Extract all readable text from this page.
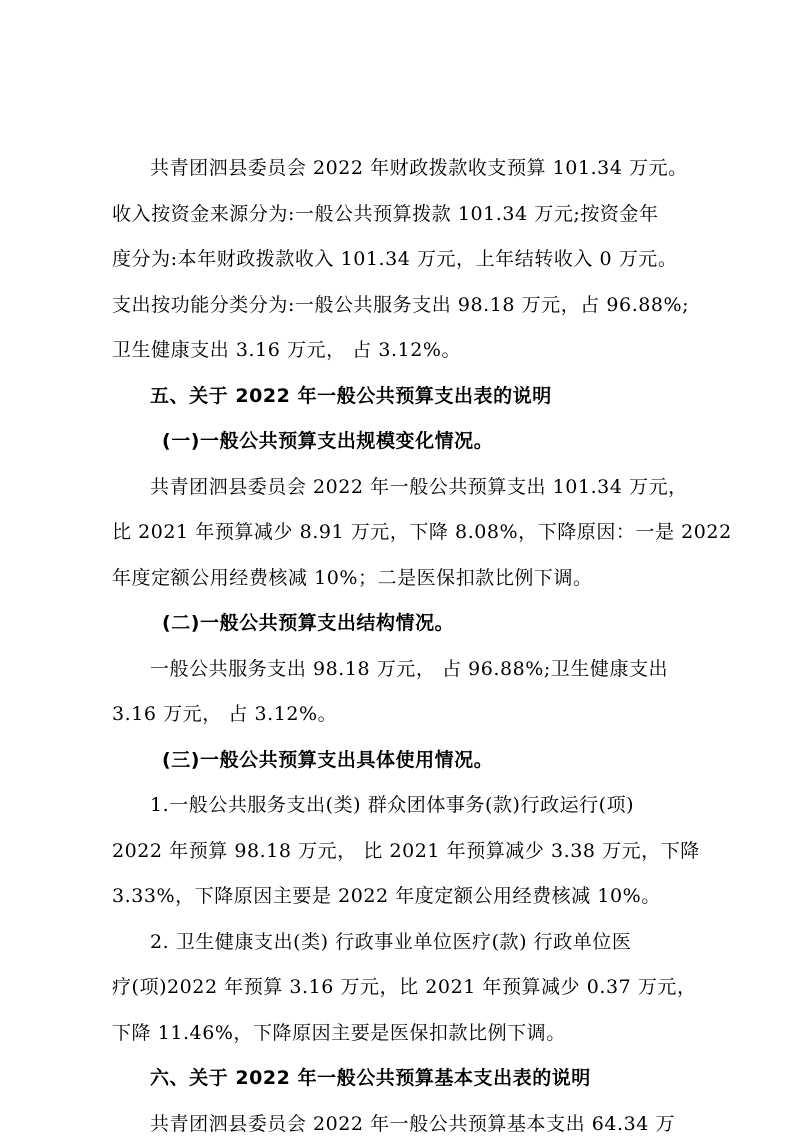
共青团泗县委员会 2022 年财政拨款收支预算 101.34 万元。
收入按资金来源分为:一般公共预算拨款 101.34 万元;按资金年
度分为:本年财政拨款收入 101.34 万元，上年结转收入 0 万元。
支出按功能分类分为:一般公共服务支出 98.18 万元，占 96.88%;
卫生健康支出 3.16 万元， 占 3.12%。
五、关于 2022 年一般公共预算支出表的说明
(一)一般公共预算支出规模变化情况。
共青团泗县委员会 2022 年一般公共预算支出 101.34 万元，
比 2021 年预算减少 8.91 万元，下降 8.08%，下降原因：一是 2022
年度定额公用经费核减 10%；二是医保扣款比例下调。
(二)一般公共预算支出结构情况。
一般公共服务支出 98.18 万元， 占 96.88%;卫生健康支出
3.16 万元， 占 3.12%。
(三)一般公共预算支出具体使用情况。
1.一般公共服务支出(类) 群众团体事务(款)行政运行(项)
2022 年预算 98.18 万元， 比 2021 年预算减少 3.38 万元，下降
3.33%，下降原因主要是 2022 年度定额公用经费核减 10%。
2. 卫生健康支出(类) 行政事业单位医疗(款) 行政单位医
疗(项)2022 年预算 3.16 万元，比 2021 年预算减少 0.37 万元，
下降 11.46%，下降原因主要是医保扣款比例下调。
六、关于 2022 年一般公共预算基本支出表的说明
共青团泗县委员会 2022 年一般公共预算基本支出 64.34 万
